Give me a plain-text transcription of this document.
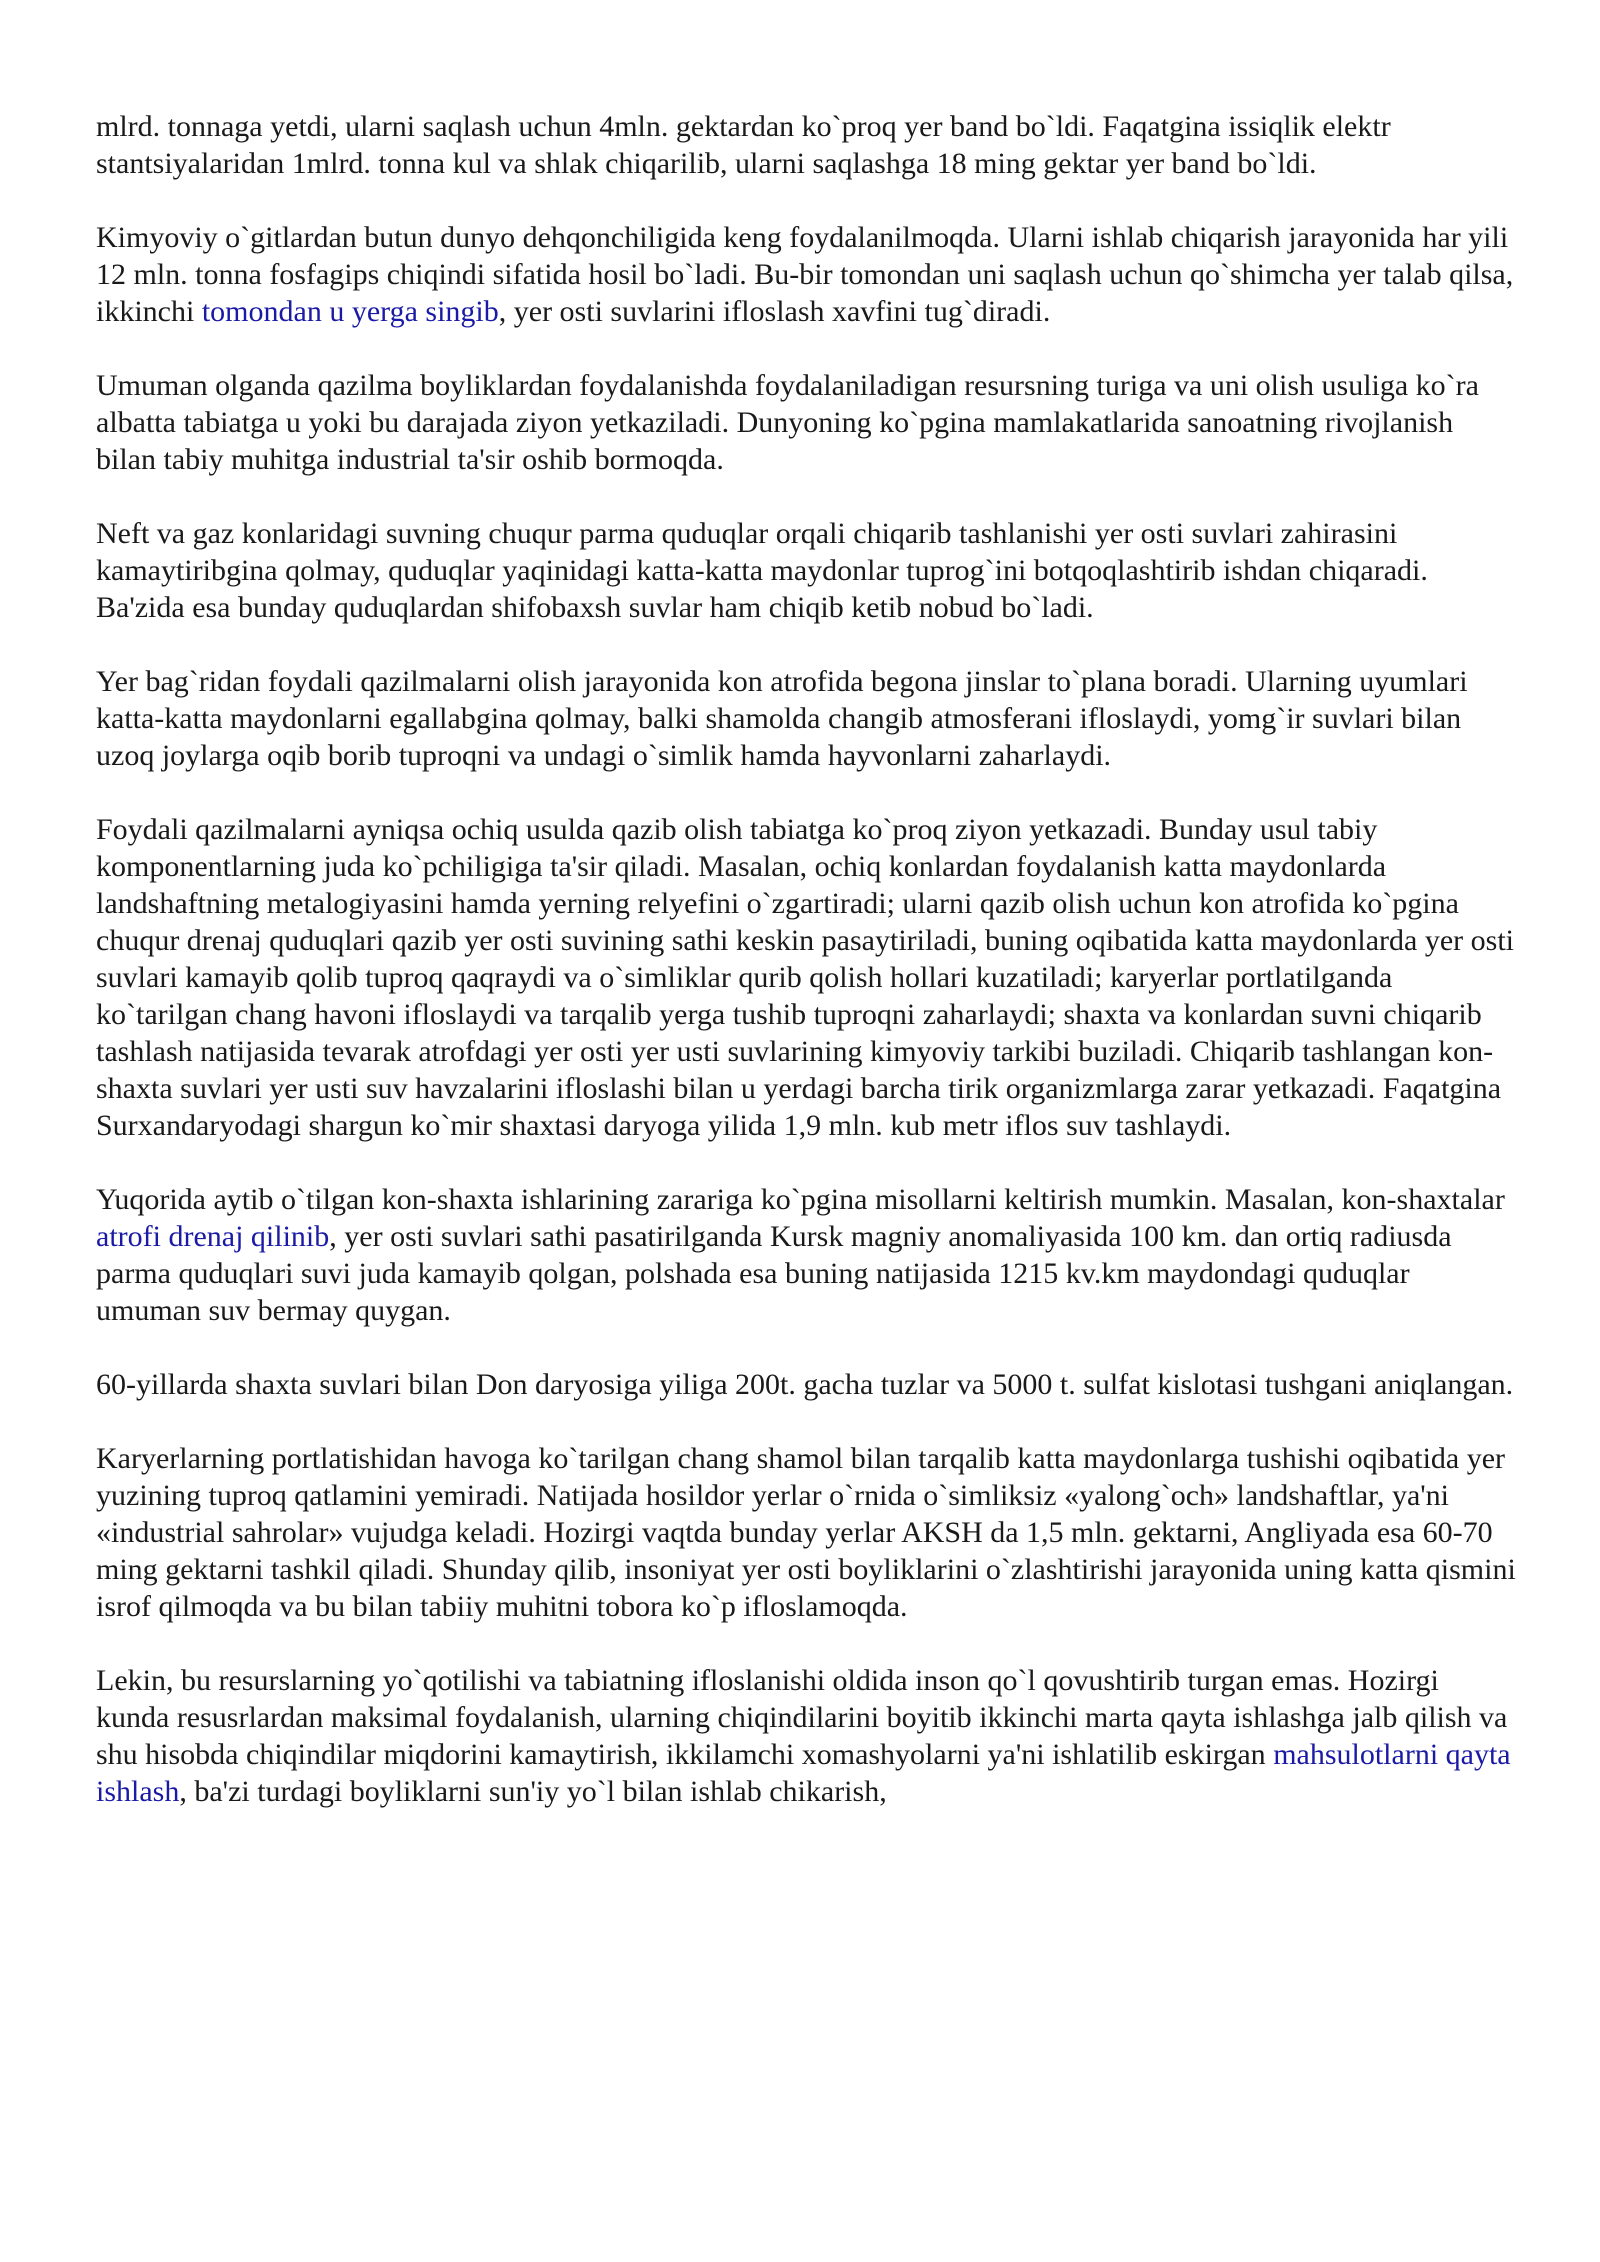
mlrd. tonnaga yetdi, ularni saqlash uchun 4mln. gektardan ko`proq yer band bo`ldi. Faqatgina issiqlik elektr stantsiyalaridan 1mlrd. tonna kul va shlak chiqarilib, ularni saqlashga 18 ming gektar yer band bo`ldi.

Kimyoviy o`gitlardan butun dunyo dehqonchiligida keng foydalanilmoqda. Ularni ishlab chiqarish jarayonida har yili 12 mln. tonna fosfagips chiqindi sifatida hosil bo`ladi. Bu-bir tomondan uni saqlash uchun qo`shimcha yer talab qilsa, ikkinchi tomondan u yerga singib, yer osti suvlarini ifloslash xavfini tug`diradi.

Umuman olganda qazilma boyliklardan foydalanishda foydalaniladigan resursning turiga va uni olish usuliga ko`ra albatta tabiatga u yoki bu darajada ziyon yetkaziladi. Dunyoning ko`pgina mamlakatlarida sanoatning rivojlanish bilan tabiy muhitga industrial ta'sir oshib bormoqda.

Neft va gaz konlaridagi suvning chuqur parma quduqlar orqali chiqarib tashlanishi yer osti suvlari zahirasini kamaytiribgina qolmay, quduqlar yaqinidagi katta-katta maydonlar tuprog`ini botqoqlashtirib ishdan chiqaradi. Ba'zida esa bunday quduqlardan shifobaxsh suvlar ham chiqib ketib nobud bo`ladi.

Yer bag`ridan foydali qazilmalarni olish jarayonida kon atrofida begona jinslar to`plana boradi. Ularning uyumlari katta-katta maydonlarni egallabgina qolmay, balki shamolda changib atmosferani ifloslaydi, yomg`ir suvlari bilan uzoq joylarga oqib borib tuproqni va undagi o`simlik hamda hayvonlarni zaharlaydi.

Foydali qazilmalarni ayniqsa ochiq usulda qazib olish tabiatga ko`proq ziyon yetkazadi. Bunday usul tabiy komponentlarning juda ko`pchiligiga ta'sir qiladi. Masalan, ochiq konlardan foydalanish katta maydonlarda landshaftning metalogiyasini hamda yerning relyefini o`zgartiradi; ularni qazib olish uchun kon atrofida ko`pgina chuqur drenaj quduqlari qazib yer osti suvining sathi keskin pasaytiriladi, buning oqibatida katta maydonlarda yer osti suvlari kamayib qolib tuproq qaqraydi va o`simliklar qurib qolish hollari kuzatiladi; karyerlar portlatilganda ko`tarilgan chang havoni ifloslaydi va tarqalib yerga tushib tuproqni zaharlaydi; shaxta va konlardan suvni chiqarib tashlash natijasida tevarak atrofdagi yer osti yer usti suvlarining kimyoviy tarkibi buziladi. Chiqarib tashlangan kon-shaxta suvlari yer usti suv havzalarini ifloslashi bilan u yerdagi barcha tirik organizmlarga zarar yetkazadi. Faqatgina Surxandaryodagi shargun ko`mir shaxtasi daryoga yilida 1,9 mln. kub metr iflos suv tashlaydi.

Yuqorida aytib o`tilgan kon-shaxta ishlarining zarariga ko`pgina misollarni keltirish mumkin. Masalan, kon-shaxtalar atrofi drenaj qilinib, yer osti suvlari sathi pasatirilganda Kursk magniy anomaliyasida 100 km. dan ortiq radiusda parma quduqlari suvi juda kamayib qolgan, polshada esa buning natijasida 1215 kv.km maydondagi quduqlar umuman suv bermay quygan.

60-yillarda shaxta suvlari bilan Don daryosiga yiliga 200t. gacha tuzlar va 5000 t. sulfat kislotasi tushgani aniqlangan.

Karyerlarning portlatishidan havoga ko`tarilgan chang shamol bilan tarqalib katta maydonlarga tushishi oqibatida yer yuzining tuproq qatlamini yemiradi. Natijada hosildor yerlar o`rnida o`simliksiz «yalong`och» landshaftlar, ya'ni «industrial sahrolar» vujudga keladi. Hozirgi vaqtda bunday yerlar AKSH da 1,5 mln. gektarni, Angliyada esa 60-70 ming gektarni tashkil qiladi. Shunday qilib, insoniyat yer osti boyliklarini o`zlashtirishi jarayonida uning katta qismini isrof qilmoqda va bu bilan tabiiy muhitni tobora ko`p ifloslamoqda.

Lekin, bu resurslarning yo`qotilishi va tabiatning ifloslanishi oldida inson qo`l qovushtirib turgan emas. Hozirgi kunda resusrlardan maksimal foydalanish, ularning chiqindilarini boyitib ikkinchi marta qayta ishlashga jalb qilish va shu hisobda chiqindilar miqdorini kamaytirish, ikkilamchi xomashyolarni ya'ni ishlatilib eskirgan mahsulotlarni qayta ishlash, ba'zi turdagi boyliklarni sun'iy yo`l bilan ishlab chikarish,
